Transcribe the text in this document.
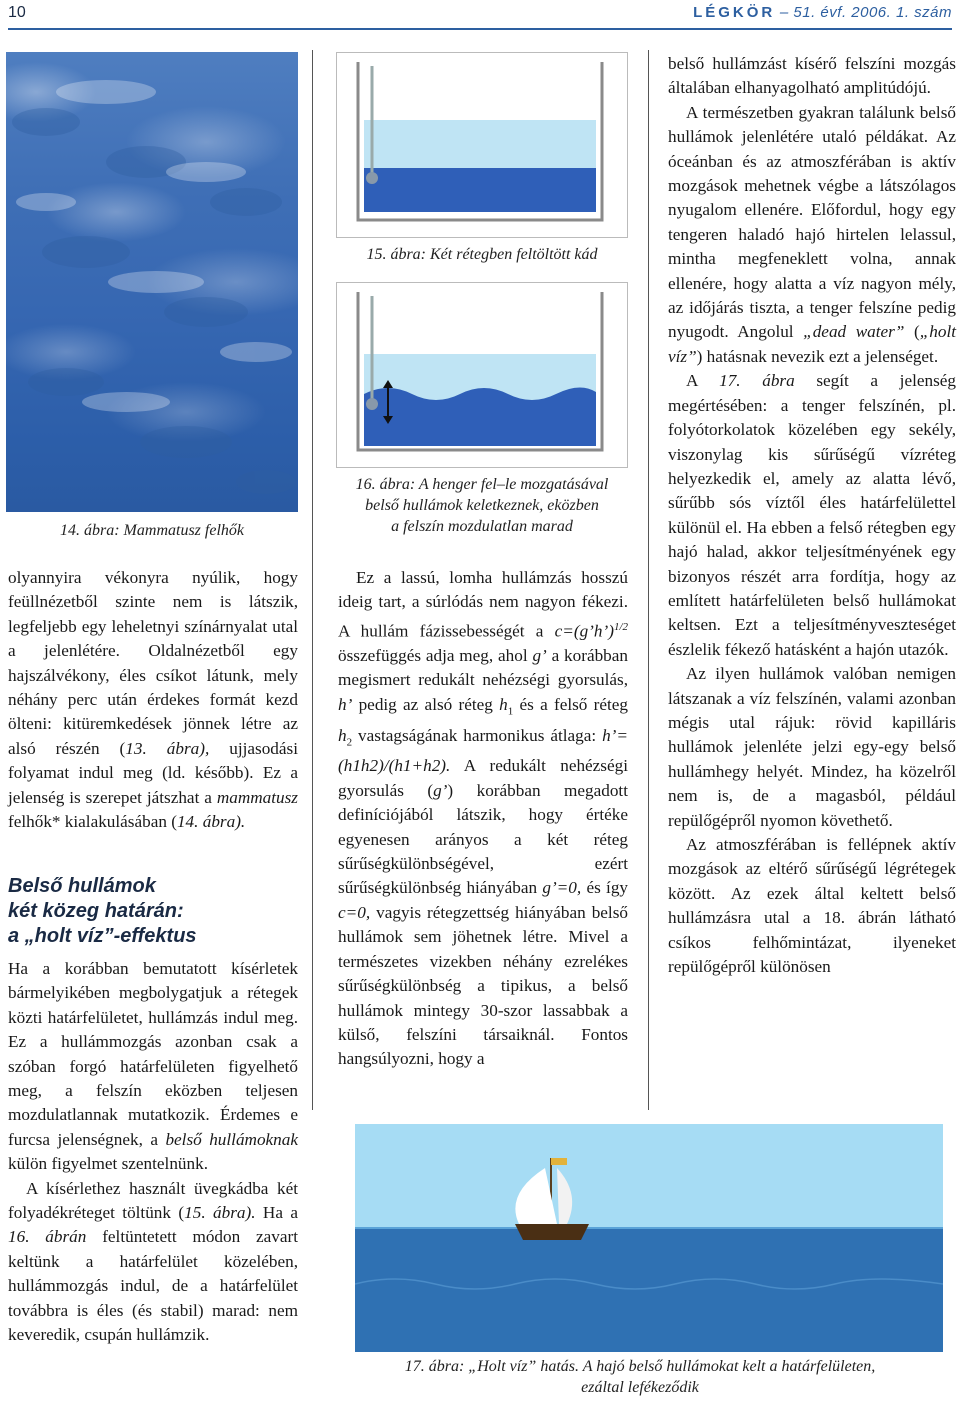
10	LÉGKÖR – 51. évf. 2006. 1. szám
14. ábra: Mammatusz felhők

olyannyira vékonyra nyúlik, hogy feüllnézetből szinte nem is látszik, legfeljebb egy leheletnyi színárnyalat utal a jelenlétére. Oldalnézetből egy hajszálvékony, éles csíkot látunk, mely néhány perc után érdekes formát kezd ölteni: kitüremkedések jönnek létre az alsó részén (13. ábra), ujjasodási folyamat indul meg (ld. később). Ez a jelenség is szerepet játszhat a mammatusz felhők* kialakulásában (14. ábra).

Belső hullámok
két közeg határán:
a „holt víz”-effektus

Ha a korábban bemutatott kísérletek bármelyikében megbolygatjuk a rétegek közti határfelületet, hullámzás indul meg. Ez a hullámmozgás azonban csak a szóban forgó határfelületen figyelhető meg, a felszín eközben teljesen mozdulatlannak mutatkozik. Érdemes e furcsa jelenségnek, a belső hullámoknak külön figyelmet szentelnünk.

A kísérlethez használt üvegkádba két folyadékréteget töltünk (15. ábra). Ha a 16. ábrán feltüntetett módon zavart keltünk a határfelület közelében, hullámmozgás indul, de a határfelület továbbra is éles (és stabil) marad: nem keveredik, csupán hullámzik.

15. ábra: Két rétegben feltöltött kád
16. ábra: A henger fel–le mozgatásával
belső hullámok keletkeznek, eközben
a felszín mozdulatlan marad

Ez a lassú, lomha hullámzás hosszú ideig tart, a súrlódás nem nagyon fékezi. A hullám fázissebességét a c=(g’h’)$^{1/2}$ összefüggés adja meg, ahol g’ a korábban megismert redukált nehézségi gyorsulás, h’ pedig az alsó réteg $h_1$ és a felső réteg $h_2$ vastagságának harmonikus átlaga: h’=(h1h2)/(h1+h2). A redukált nehézségi gyorsulás (g’) korábban megadott definíciójából látszik, hogy értéke egyenesen arányos a két réteg sűrűségkülönbségével, ezért sűrűségkülönbség hiányában g’=0, és így c=0, vagyis rétegzettség hiányában belső hullámok sem jöhetnek létre. Mivel a természetes vizekben néhány ezrelékes sűrűségkülönbség a tipikus, a belső hullámok mintegy 30-szor lassabbak a külső, felszíni társaiknál. Fontos hangsúlyozni, hogy a

belső hullámzást kísérő felszíni mozgás általában elhanyagolható amplitúdójú.

A természetben gyakran találunk belső hullámok jelenlétére utaló példákat. Az óceánban és az atmoszférában is aktív mozgások mehetnek végbe a látszólagos nyugalom ellenére. Előfordul, hogy egy tengeren haladó hajó hirtelen lelassul, mintha megfeneklett volna, annak ellenére, hogy alatta a víz nagyon mély, az időjárás tiszta, a tenger felszíne pedig nyugodt. Angolul „dead water” („holt víz”) hatásnak nevezik ezt a jelenséget.

A 17. ábra segít a jelenség megértésében: a tenger felszínén, pl. folyótorkolatok közelében egy sekély, viszonylag kis sűrűségű vízréteg helyezkedik el, amely az alatta lévő, sűrűbb sós víztől éles határfelülettel különül el. Ha ebben a felső rétegben egy hajó halad, akkor teljesítményének egy bizonyos részét arra fordítja, hogy az említett határfelületen belső hullámokat keltsen. Ezt a teljesítményveszteséget észlelik fékező hatásként a hajón utazók.

Az ilyen hullámok valóban nemigen látszanak a víz felszínén, valami azonban mégis utal rájuk: rövid kapilláris hullámok jelenléte jelzi egy-egy belső hullámhegy helyét. Mindez, ha közelről nem is, de a magasból, például repülőgépről nyomon követhető.

Az atmoszférában is fellépnek aktív mozgások az eltérő sűrűségű légrétegek között. Az ezek által keltett belső hullámzásra utal a 18. ábrán látható csíkos felhőmintázat, ilyeneket repülőgépről különösen

17. ábra: „Holt víz” hatás. A hajó belső hullámokat kelt a határfelületen,
ezáltal lefékeződik
